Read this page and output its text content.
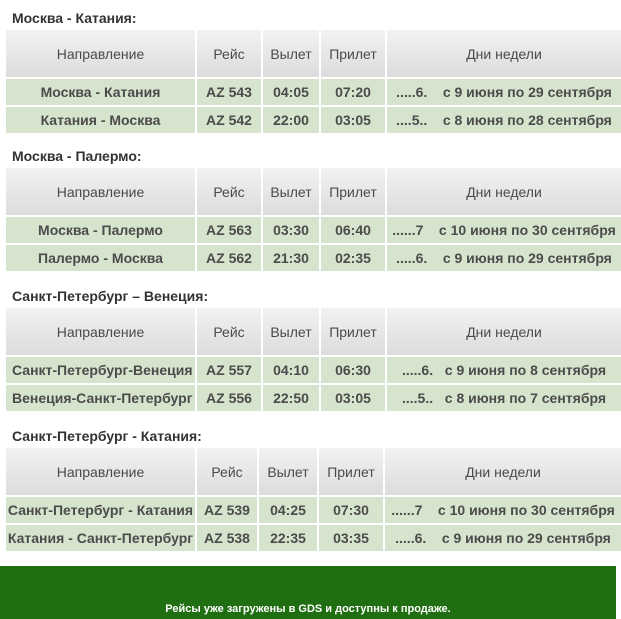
Москва - Катания:
Направление	Рейс	Вылет	Прилет	Дни недели
Москва - Катания	AZ 543	04:05	07:20	.....6.    с 9 июня по 29 сентября
Катания - Москва	AZ 542	22:00	03:05	....5..    с 8 июня по 28 сентября
Москва - Палермо:
Направление	Рейс	Вылет	Прилет	Дни недели
Москва - Палермо	AZ 563	03:30	06:40	......7    с 10 июня по 30 сентября
Палермо - Москва	AZ 562	21:30	02:35	.....6.    с 9 июня по 29 сентября
Санкт-Петербург – Венеция:
Направление	Рейс	Вылет	Прилет	Дни недели
Санкт-Петербург-Венеция	AZ 557	04:10	06:30	.....6.   с 9 июня по 8 сентября
Венеция-Санкт-Петербург	AZ 556	22:50	03:05	....5..   с 8 июня по 7 сентября
Санкт-Петербург - Катания:
Направление	Рейс	Вылет	Прилет	Дни недели
Санкт-Петербург - Катания	AZ 539	04:25	07:30	......7    с 10 июня по 30 сентября
Катания - Санкт-Петербург	AZ 538	22:35	03:35	.....6.    с 9 июня по 29 сентября
Рейсы уже загружены в GDS и доступны к продаже.
